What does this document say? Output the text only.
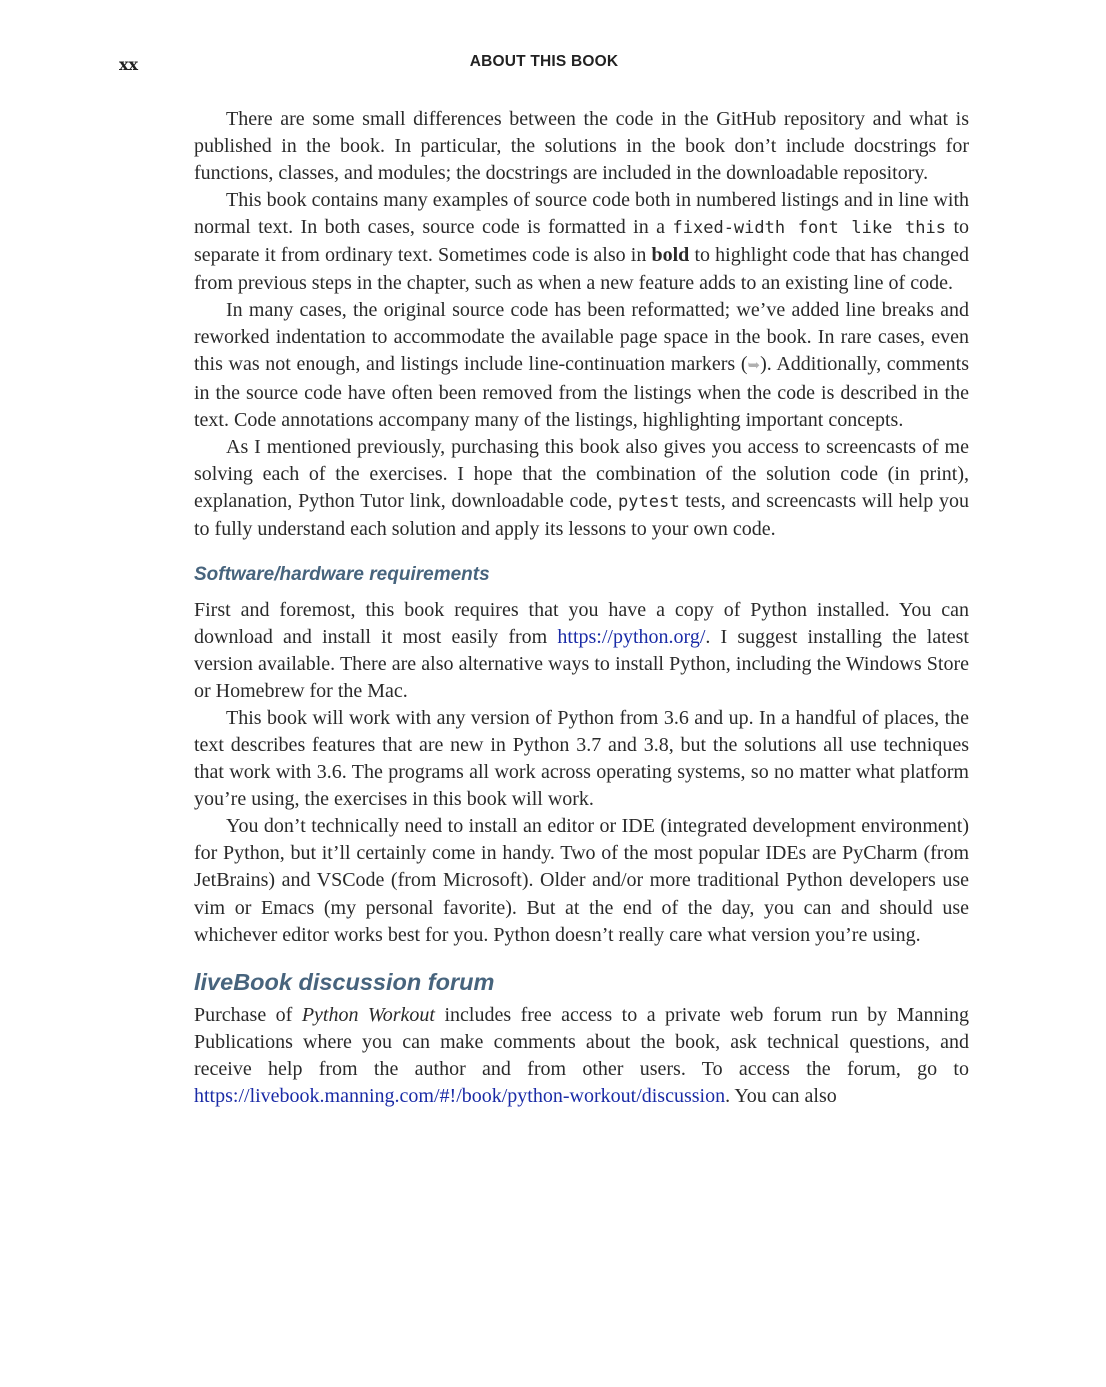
xx	ABOUT THIS BOOK

There are some small differences between the code in the GitHub repository and what is published in the book. In particular, the solutions in the book don’t include docstrings for functions, classes, and modules; the docstrings are included in the downloadable repository.

This book contains many examples of source code both in numbered listings and in line with normal text. In both cases, source code is formatted in a fixed-width font like this to separate it from ordinary text. Sometimes code is also in bold to highlight code that has changed from previous steps in the chapter, such as when a new feature adds to an existing line of code.

In many cases, the original source code has been reformatted; we’ve added line breaks and reworked indentation to accommodate the available page space in the book. In rare cases, even this was not enough, and listings include line-continuation markers (➥). Additionally, comments in the source code have often been removed from the listings when the code is described in the text. Code annotations accompany many of the listings, highlighting important concepts.

As I mentioned previously, purchasing this book also gives you access to screencasts of me solving each of the exercises. I hope that the combination of the solution code (in print), explanation, Python Tutor link, downloadable code, pytest tests, and screencasts will help you to fully understand each solution and apply its lessons to your own code.

Software/hardware requirements

First and foremost, this book requires that you have a copy of Python installed. You can download and install it most easily from https://python.org/. I suggest installing the latest version available. There are also alternative ways to install Python, including the Windows Store or Homebrew for the Mac.

This book will work with any version of Python from 3.6 and up. In a handful of places, the text describes features that are new in Python 3.7 and 3.8, but the solutions all use techniques that work with 3.6. The programs all work across operating systems, so no matter what platform you’re using, the exercises in this book will work.

You don’t technically need to install an editor or IDE (integrated development environment) for Python, but it’ll certainly come in handy. Two of the most popular IDEs are PyCharm (from JetBrains) and VSCode (from Microsoft). Older and/or more traditional Python developers use vim or Emacs (my personal favorite). But at the end of the day, you can and should use whichever editor works best for you. Python doesn’t really care what version you’re using.

liveBook discussion forum

Purchase of Python Workout includes free access to a private web forum run by Manning Publications where you can make comments about the book, ask technical questions, and receive help from the author and from other users. To access the forum, go to https://livebook.manning.com/#!/book/python-workout/discussion. You can also
